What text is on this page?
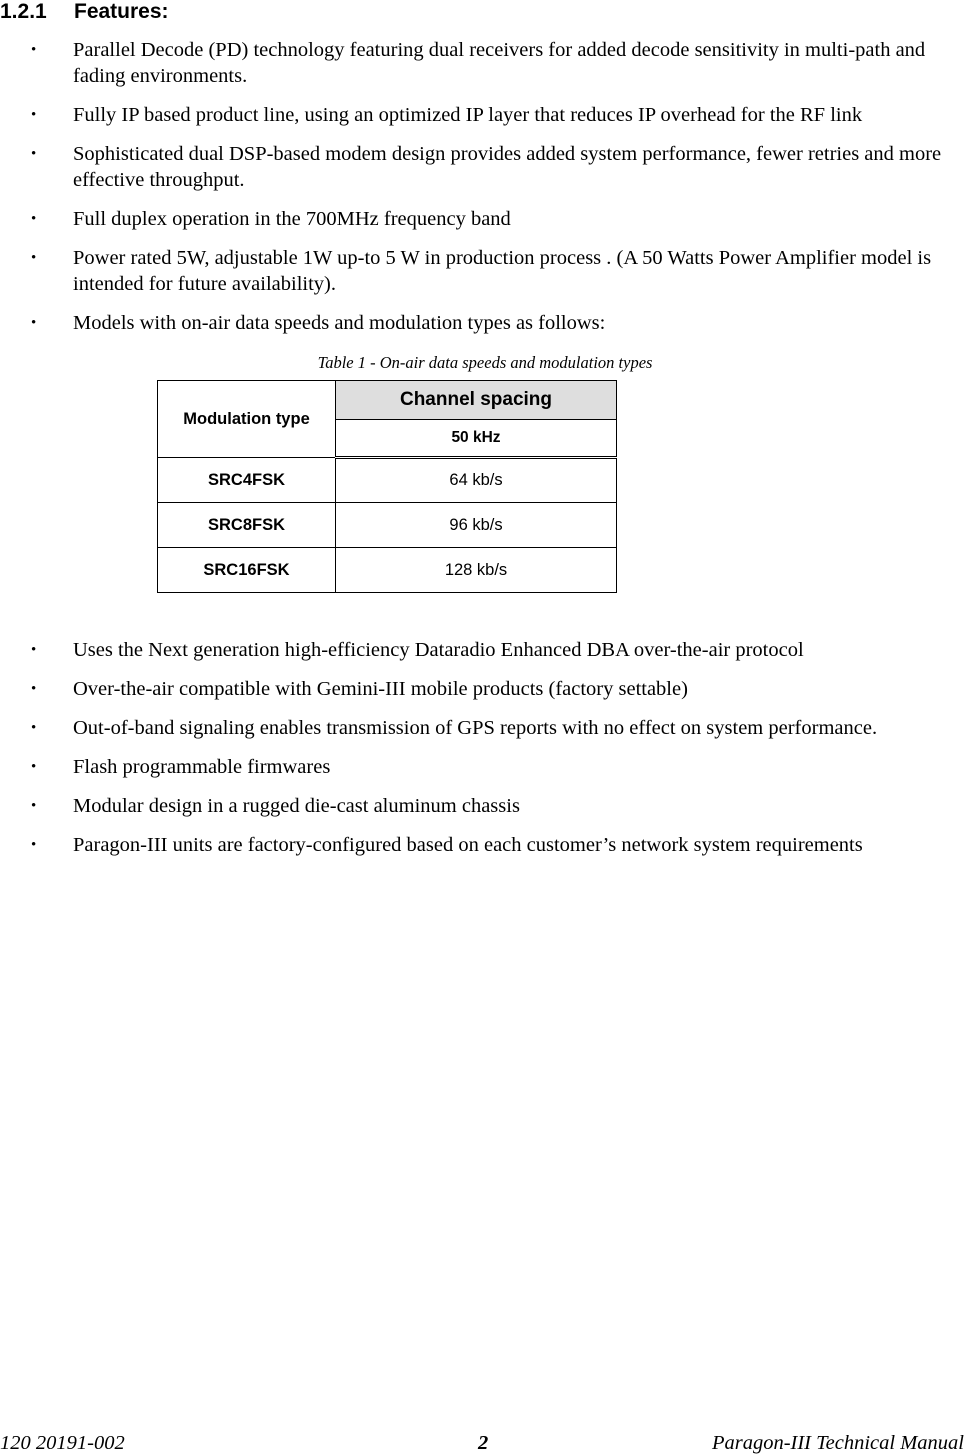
1.2.1 Features:
• Parallel Decode (PD) technology featuring dual receivers for added decode sensitivity in multi-path and fading environments.
• Fully IP based product line, using an optimized IP layer that reduces IP overhead for the RF link
• Sophisticated dual DSP-based modem design provides added system performance, fewer retries and more effective throughput.
• Full duplex operation in the 700MHz frequency band
• Power rated 5W, adjustable 1W up-to 5 W in production process . (A 50 Watts Power Amplifier model is intended for future availability).
• Models with on-air data speeds and modulation types as follows:
Table 1 - On-air data speeds and modulation types
Modulation type	Channel spacing
	50 kHz
SRC4FSK	64 kb/s
SRC8FSK	96 kb/s
SRC16FSK	128 kb/s
• Uses the Next generation high-efficiency Dataradio Enhanced DBA over-the-air protocol
• Over-the-air compatible with Gemini-III mobile products (factory settable)
• Out-of-band signaling enables transmission of GPS reports with no effect on system performance.
• Flash programmable firmwares
• Modular design in a rugged die-cast aluminum chassis
• Paragon-III units are factory-configured based on each customer’s network system requirements
120 20191-002	2	Paragon-III Technical Manual
